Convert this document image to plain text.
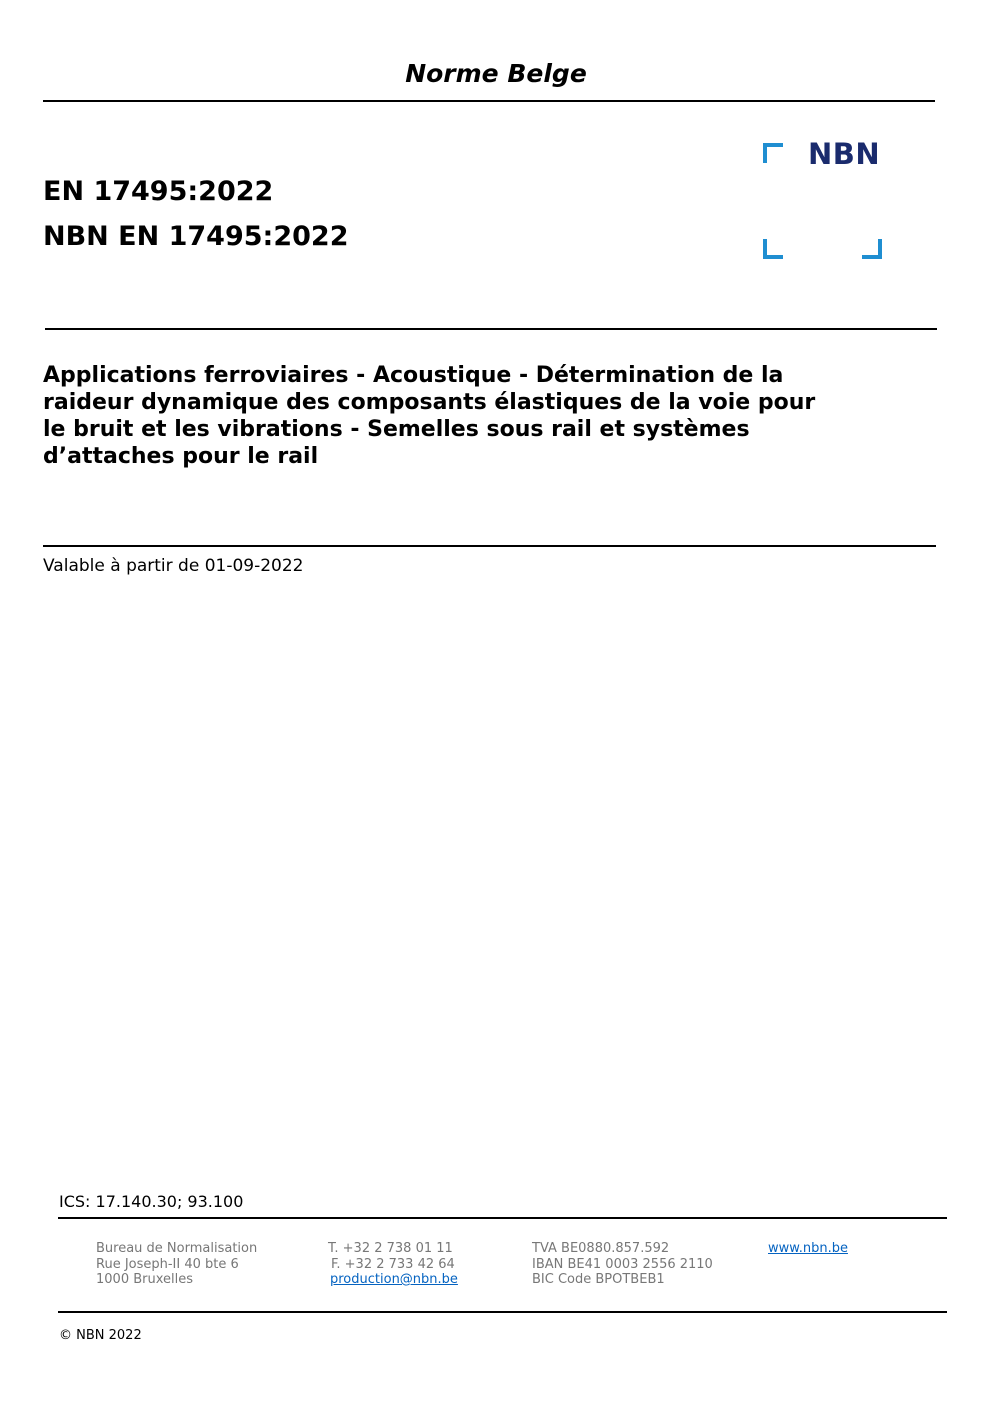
Norme Belge
EN 17495:2022
NBN EN 17495:2022
NBN
Applications ferroviaires - Acoustique - Détermination de la
raideur dynamique des composants élastiques de la voie pour
le bruit et les vibrations - Semelles sous rail et systèmes
d’attaches pour le rail
Valable à partir de 01-09-2022
ICS: 17.140.30; 93.100
Bureau de Normalisation
Rue Joseph-II 40 bte 6
1000 Bruxelles
T. +32 2 738 01 11
F. +32 2 733 42 64
production@nbn.be
TVA BE0880.857.592
IBAN BE41 0003 2556 2110
BIC Code BPOTBEB1
www.nbn.be
© NBN 2022
